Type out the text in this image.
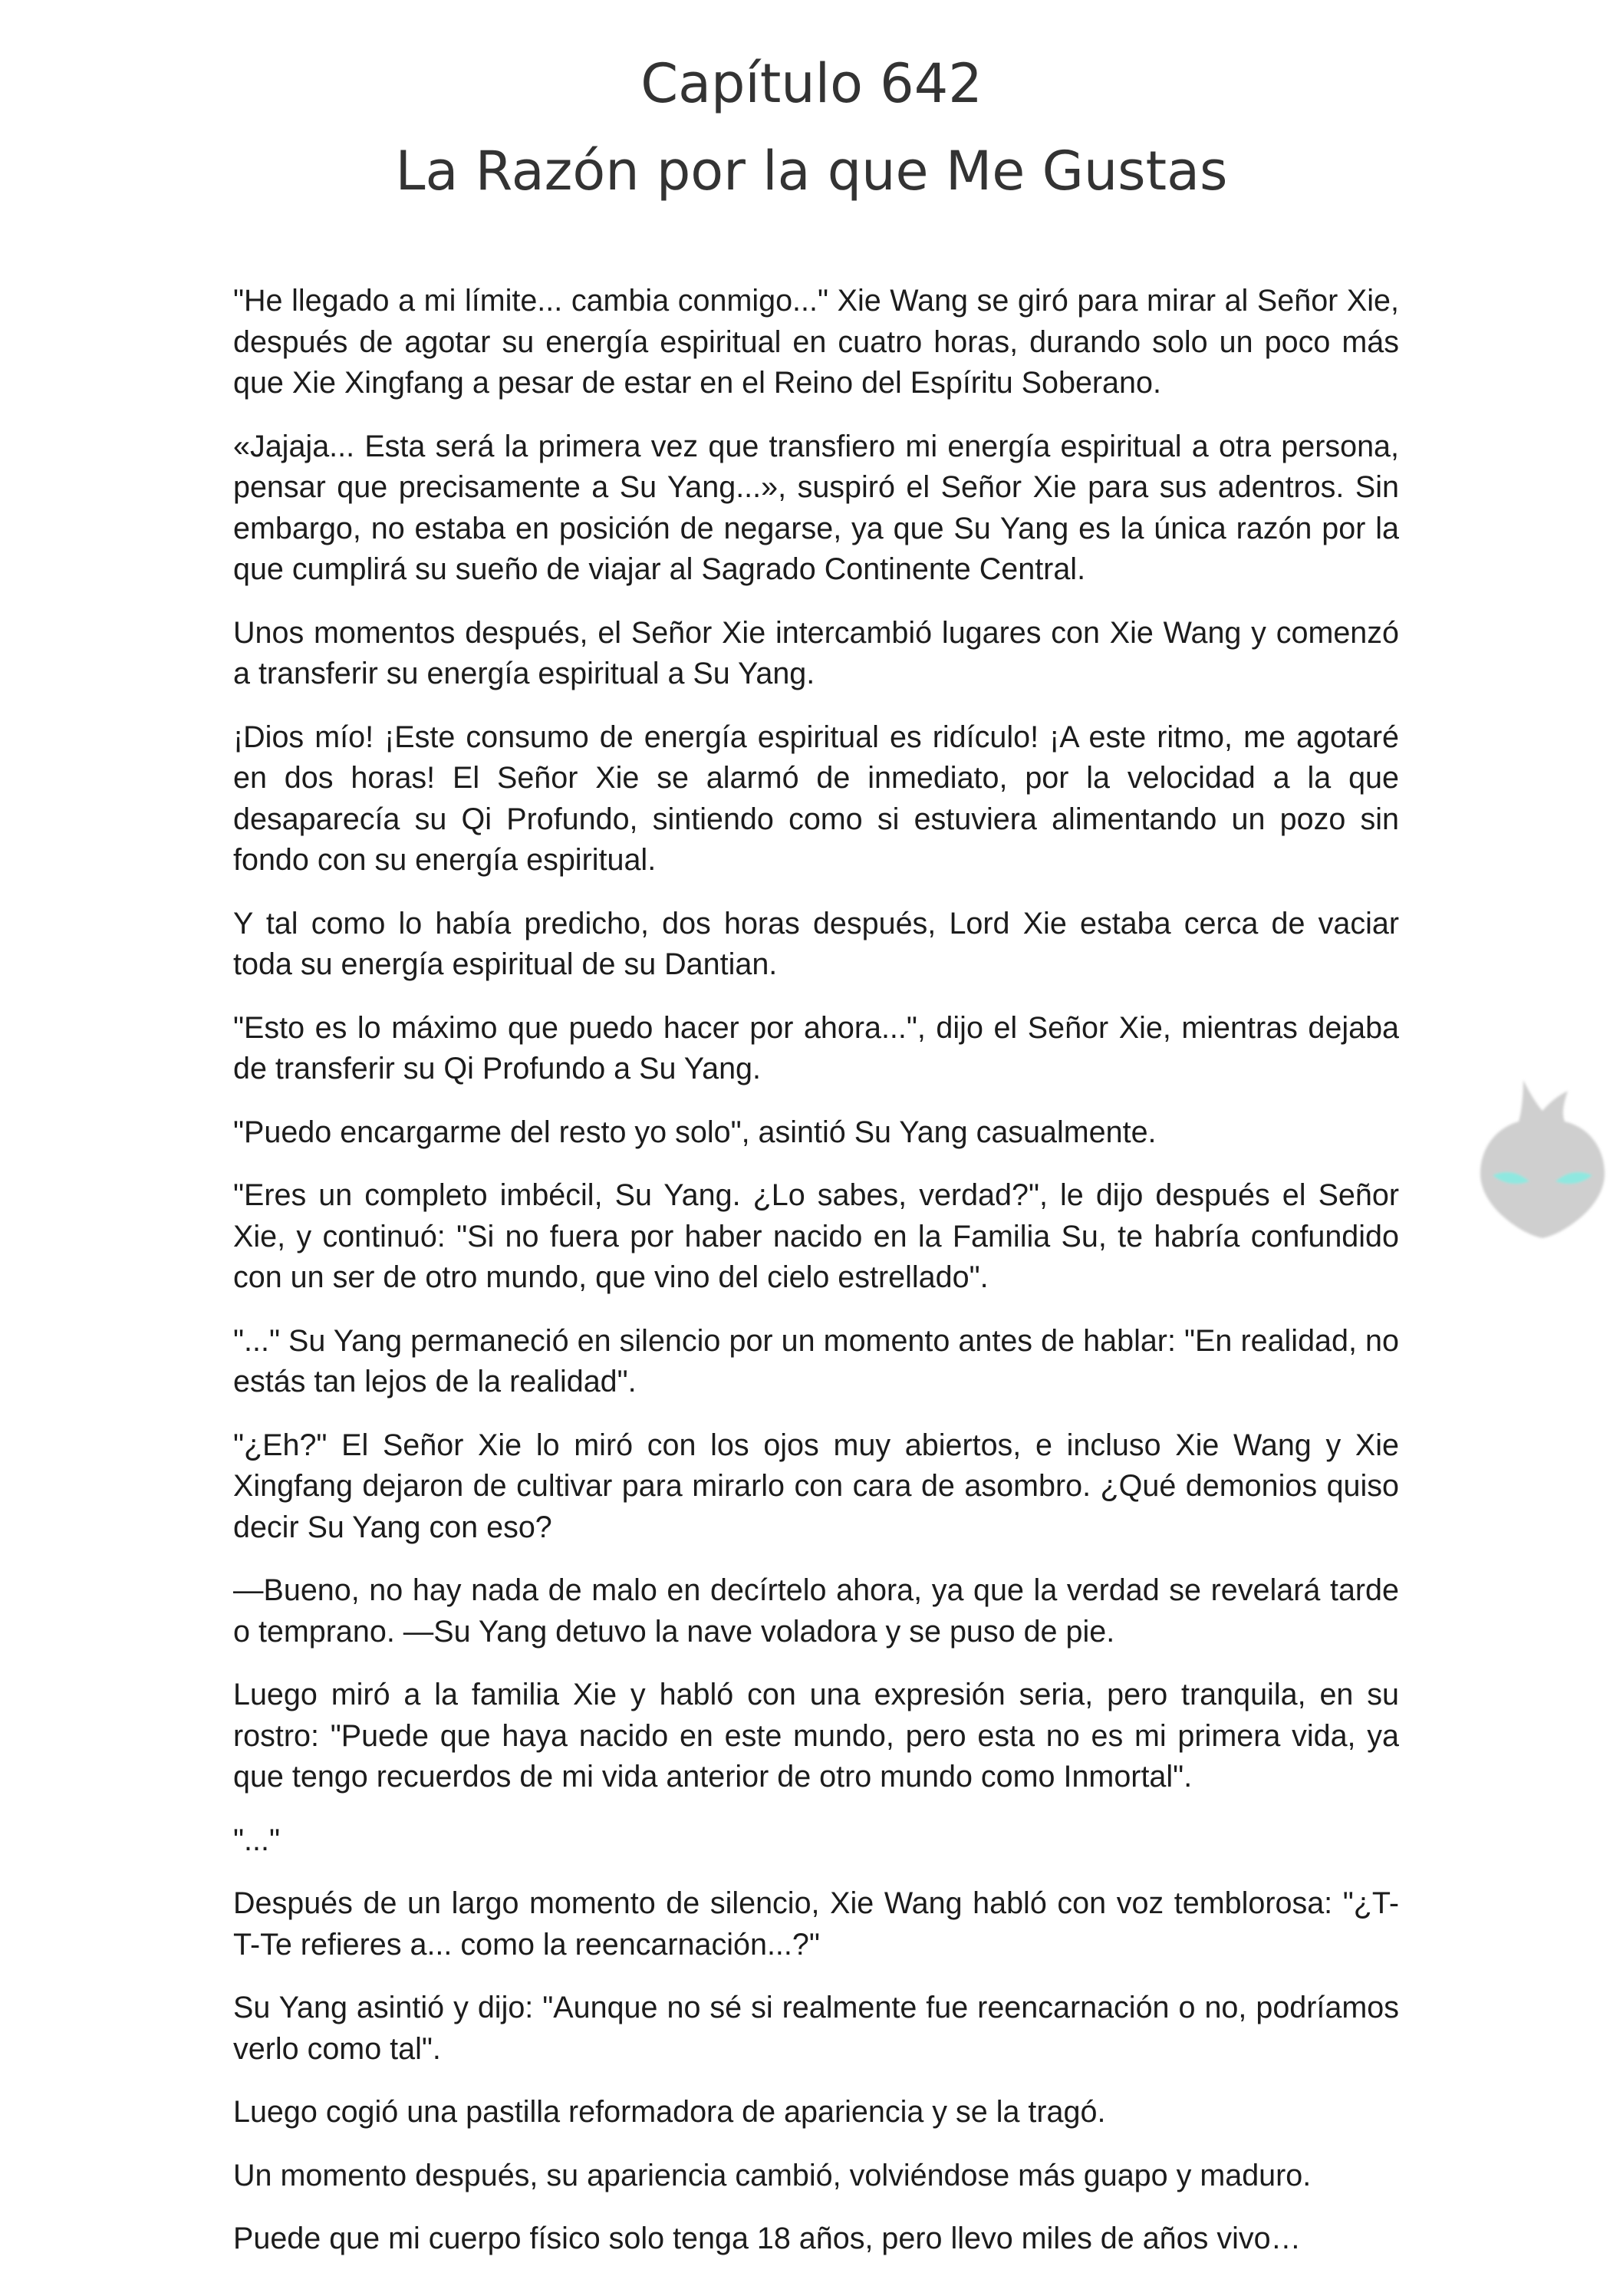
Capítulo 642
La Razón por la que Me Gustas

"He llegado a mi límite... cambia conmigo..." Xie Wang se giró para mirar al Señor Xie, después de agotar su energía espiritual en cuatro horas, durando solo un poco más que Xie Xingfang a pesar de estar en el Reino del Espíritu Soberano.

«Jajaja... Esta será la primera vez que transfiero mi energía espiritual a otra persona, pensar que precisamente a Su Yang...», suspiró el Señor Xie para sus adentros. Sin embargo, no estaba en posición de negarse, ya que Su Yang es la única razón por la que cumplirá su sueño de viajar al Sagrado Continente Central.

Unos momentos después, el Señor Xie intercambió lugares con Xie Wang y comenzó a transferir su energía espiritual a Su Yang.

¡Dios mío! ¡Este consumo de energía espiritual es ridículo! ¡A este ritmo, me agotaré en dos horas! El Señor Xie se alarmó de inmediato, por la velocidad a la que desaparecía su Qi Profundo, sintiendo como si estuviera alimentando un pozo sin fondo con su energía espiritual.

Y tal como lo había predicho, dos horas después, Lord Xie estaba cerca de vaciar toda su energía espiritual de su Dantian.

"Esto es lo máximo que puedo hacer por ahora...", dijo el Señor Xie, mientras dejaba de transferir su Qi Profundo a Su Yang.

"Puedo encargarme del resto yo solo", asintió Su Yang casualmente.

"Eres un completo imbécil, Su Yang. ¿Lo sabes, verdad?", le dijo después el Señor Xie, y continuó: "Si no fuera por haber nacido en la Familia Su, te habría confundido con un ser de otro mundo, que vino del cielo estrellado".

"..." Su Yang permaneció en silencio por un momento antes de hablar: "En realidad, no estás tan lejos de la realidad".

"¿Eh?" El Señor Xie lo miró con los ojos muy abiertos, e incluso Xie Wang y Xie Xingfang dejaron de cultivar para mirarlo con cara de asombro. ¿Qué demonios quiso decir Su Yang con eso?

—Bueno, no hay nada de malo en decírtelo ahora, ya que la verdad se revelará tarde o temprano. —Su Yang detuvo la nave voladora y se puso de pie.

Luego miró a la familia Xie y habló con una expresión seria, pero tranquila, en su rostro: "Puede que haya nacido en este mundo, pero esta no es mi primera vida, ya que tengo recuerdos de mi vida anterior de otro mundo como Inmortal".

"..."

Después de un largo momento de silencio, Xie Wang habló con voz temblorosa: "¿T-T-Te refieres a... como la reencarnación...?"

Su Yang asintió y dijo: "Aunque no sé si realmente fue reencarnación o no, podríamos verlo como tal".

Luego cogió una pastilla reformadora de apariencia y se la tragó.

Un momento después, su apariencia cambió, volviéndose más guapo y maduro.

Puede que mi cuerpo físico solo tenga 18 años, pero llevo miles de años vivo…
